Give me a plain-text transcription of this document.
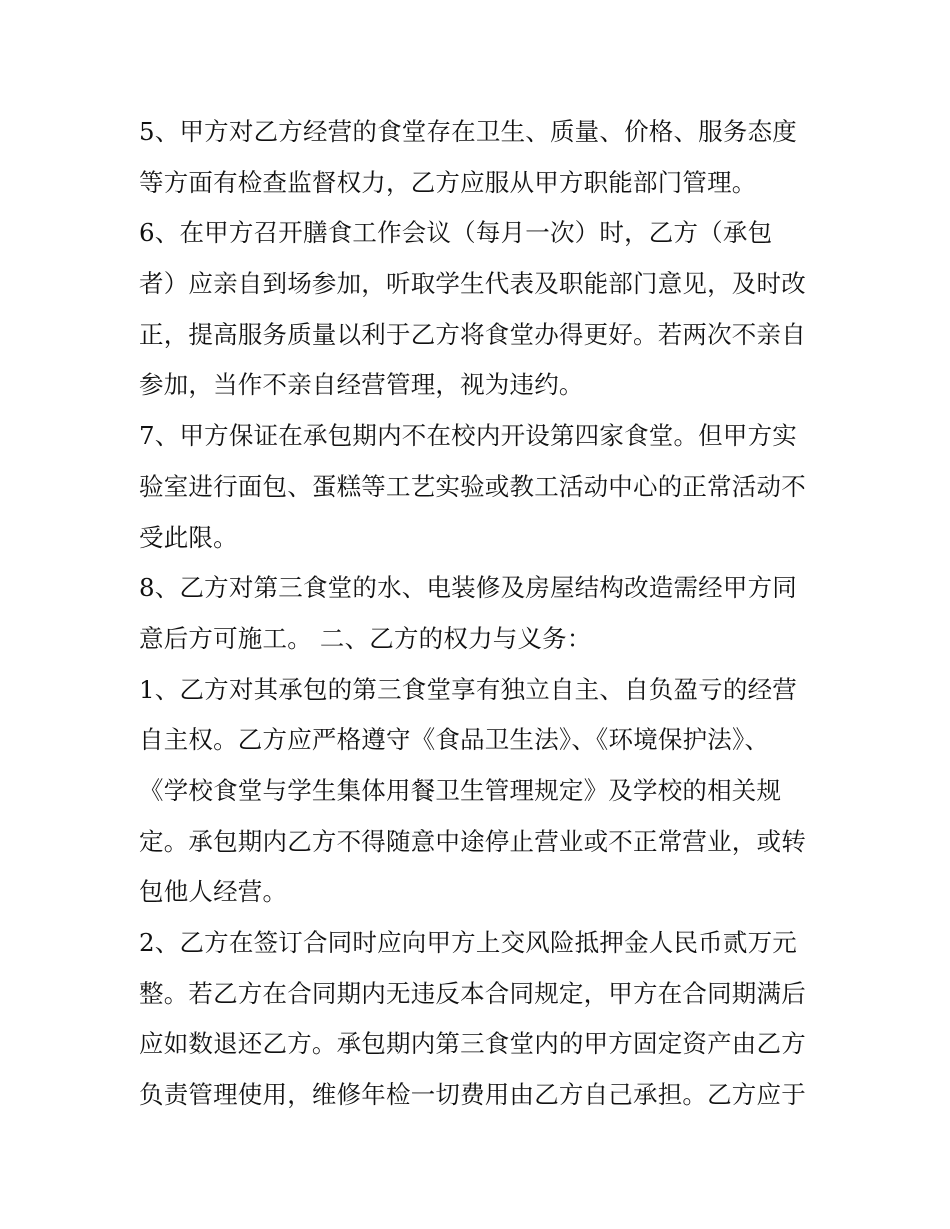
5、甲方对乙方经营的食堂存在卫生、质量、价格、服务态度
等方面有检查监督权力，乙方应服从甲方职能部门管理。
6、在甲方召开膳食工作会议（每月一次）时，乙方（承包
者）应亲自到场参加，听取学生代表及职能部门意见，及时改
正，提高服务质量以利于乙方将食堂办得更好。若两次不亲自
参加，当作不亲自经营管理，视为违约。
7、甲方保证在承包期内不在校内开设第四家食堂。但甲方实
验室进行面包、蛋糕等工艺实验或教工活动中心的正常活动不
受此限。
8、乙方对第三食堂的水、电装修及房屋结构改造需经甲方同
意后方可施工。 二、乙方的权力与义务：
1、乙方对其承包的第三食堂享有独立自主、自负盈亏的经营
自主权。乙方应严格遵守《食品卫生法》、《环境保护法》、
《学校食堂与学生集体用餐卫生管理规定》及学校的相关规
定。承包期内乙方不得随意中途停止营业或不正常营业，或转
包他人经营。
2、乙方在签订合同时应向甲方上交风险抵押金人民币贰万元
整。若乙方在合同期内无违反本合同规定，甲方在合同期满后
应如数退还乙方。承包期内第三食堂内的甲方固定资产由乙方
负责管理使用，维修年检一切费用由乙方自己承担。乙方应于
